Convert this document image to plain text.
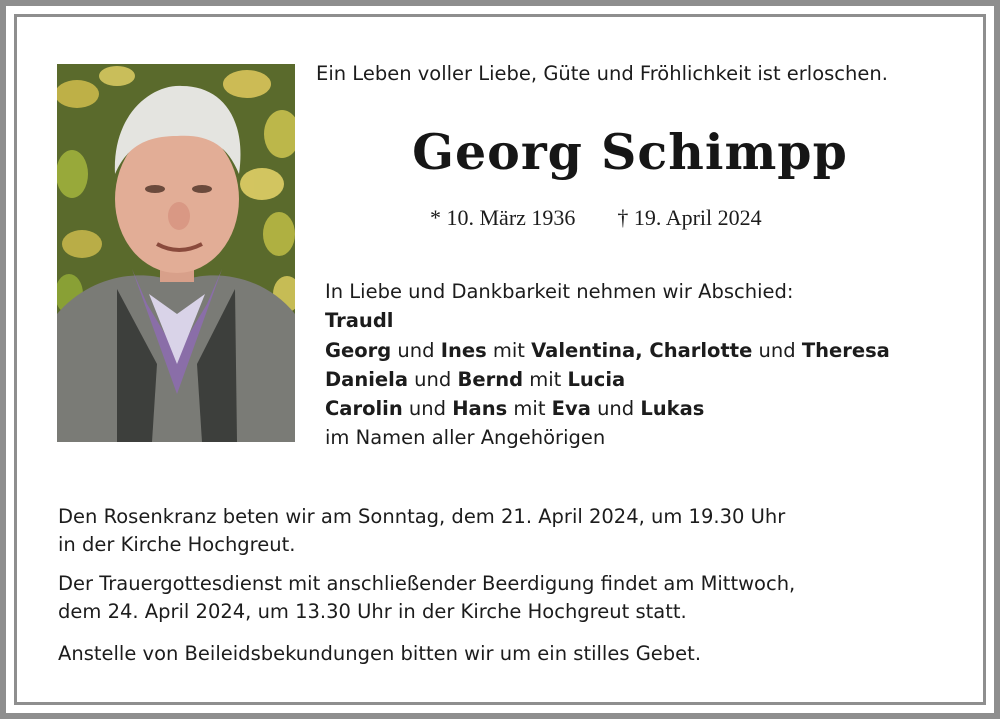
Ein Leben voller Liebe, Güte und Fröhlichkeit ist erloschen.
Georg Schimpp
* 10. März 1936 † 19. April 2024
In Liebe und Dankbarkeit nehmen wir Abschied:
Traudl
Georg und Ines mit Valentina, Charlotte und Theresa
Daniela und Bernd mit Lucia
Carolin und Hans mit Eva und Lukas
im Namen aller Angehörigen
Den Rosenkranz beten wir am Sonntag, dem 21. April 2024, um 19.30 Uhr
in der Kirche Hochgreut.
Der Trauergottesdienst mit anschließender Beerdigung findet am Mittwoch,
dem 24. April 2024, um 13.30 Uhr in der Kirche Hochgreut statt.
Anstelle von Beileidsbekundungen bitten wir um ein stilles Gebet.
